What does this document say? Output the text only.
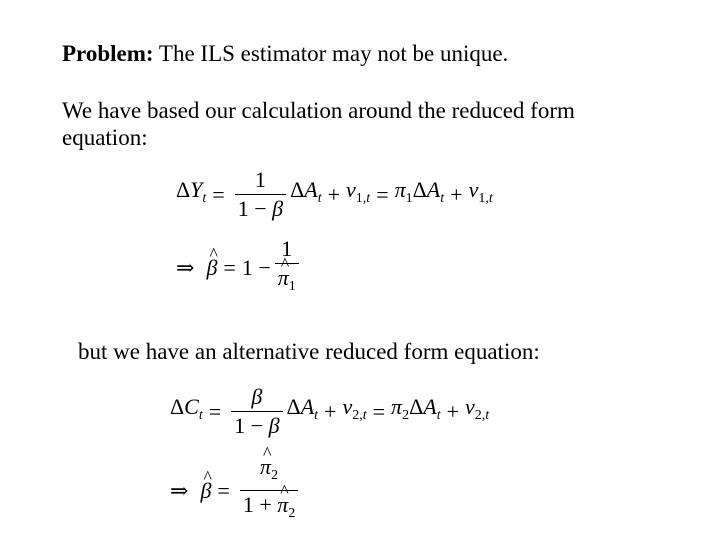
Problem: The ILS estimator may not be unique.
We have based our calculation around the reduced form equation:
$\Delta Y_t = \frac{1}{1 - \beta} \Delta A_t + v_{1,t} = \pi_1\Delta A_t + v_{1,t}$
⇒ ^ β = 1 − 1
^ $\pi_1$
but we have an alternative reduced form equation:
$\Delta C_t = \frac{\beta}{1 - \beta} \Delta A_t + v_{2,t} = \pi_2\Delta A_t + v_{2,t}$
⇒ ^ β = ^ $\frac{\pi_2}{1 + \^{} \pi_2}$
